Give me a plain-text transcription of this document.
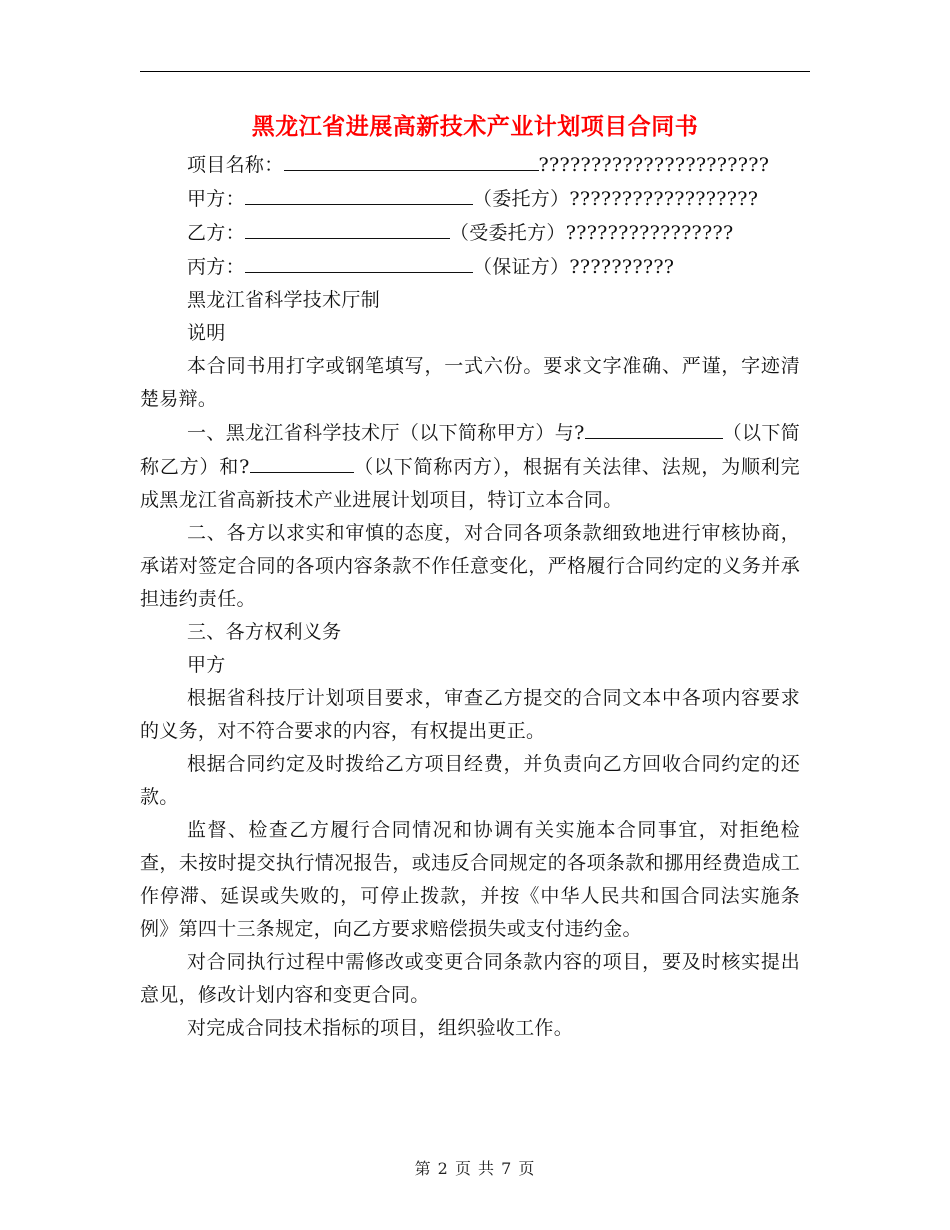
黑龙江省进展高新技术产业计划项目合同书

项目名称：	??????????????????????

甲方：	（委托方）??????????????????

乙方：	（受委托方）????????????????

丙方：	（保证方）??????????

黑龙江省科学技术厅制

说明

本合同书用打字或钢笔填写，一式六份。要求文字准确、严谨，字迹清楚易辩。

一、黑龙江省科学技术厅（以下简称甲方）与?	（以下简称乙方）和?	（以下简称丙方），根据有关法律、法规，为顺利完成黑龙江省高新技术产业进展计划项目，特订立本合同。

二、各方以求实和审慎的态度，对合同各项条款细致地进行审核协商，承诺对签定合同的各项内容条款不作任意变化，严格履行合同约定的义务并承担违约责任。

三、各方权利义务

甲方

根据省科技厅计划项目要求，审查乙方提交的合同文本中各项内容要求的义务，对不符合要求的内容，有权提出更正。

根据合同约定及时拨给乙方项目经费，并负责向乙方回收合同约定的还款。

监督、检查乙方履行合同情况和协调有关实施本合同事宜，对拒绝检查，未按时提交执行情况报告，或违反合同规定的各项条款和挪用经费造成工作停滞、延误或失败的，可停止拨款，并按《中华人民共和国合同法实施条例》第四十三条规定，向乙方要求赔偿损失或支付违约金。

对合同执行过程中需修改或变更合同条款内容的项目，要及时核实提出意见，修改计划内容和变更合同。

对完成合同技术指标的项目，组织验收工作。

第 2 页 共 7 页
